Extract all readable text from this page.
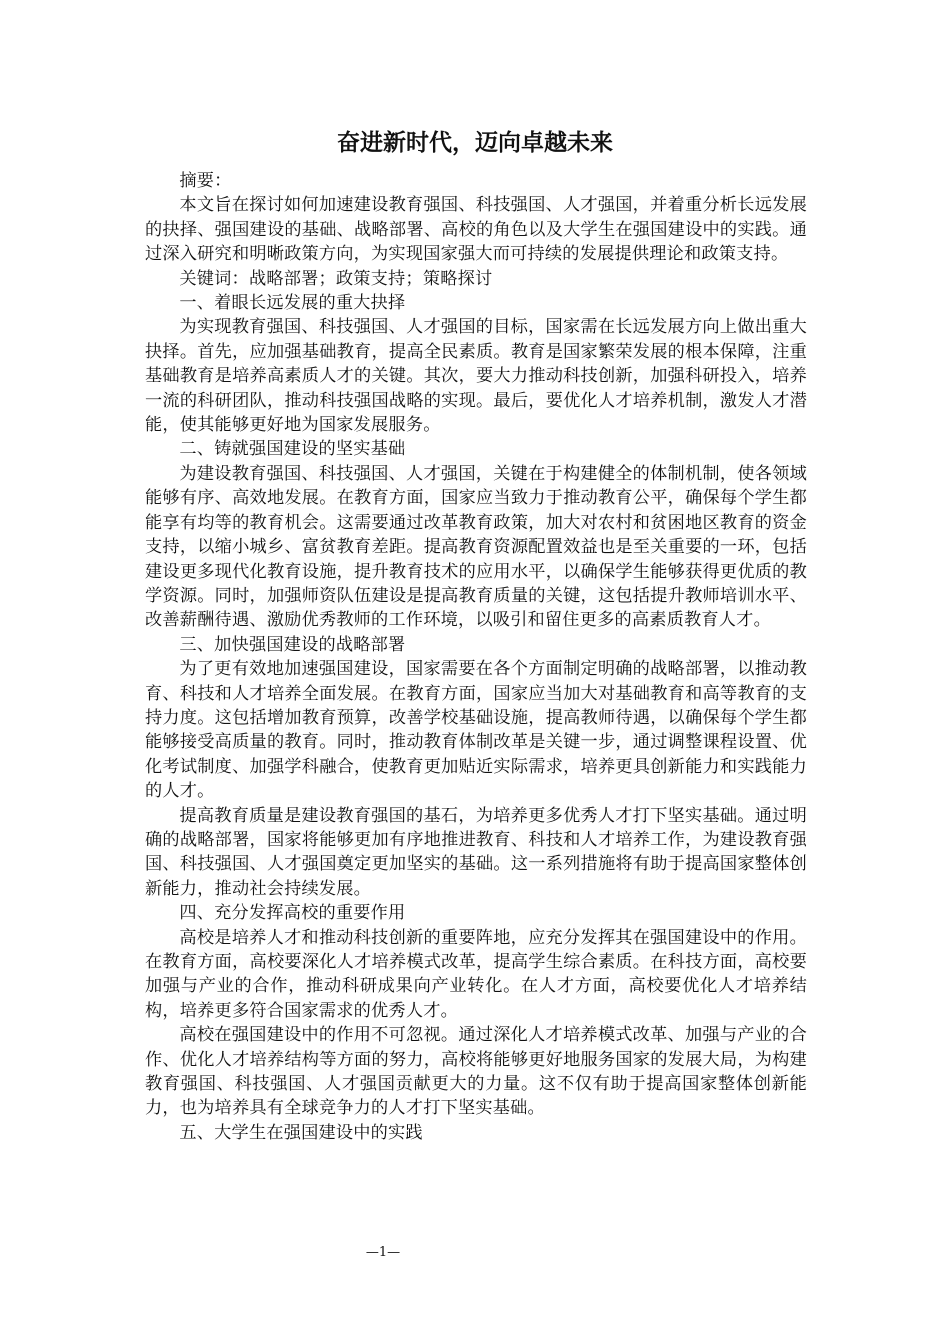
奋进新时代，迈向卓越未来

摘要：

本文旨在探讨如何加速建设教育强国、科技强国、人才强国，并着重分析长远发展的抉择、强国建设的基础、战略部署、高校的角色以及大学生在强国建设中的实践。通过深入研究和明晰政策方向，为实现国家强大而可持续的发展提供理论和政策支持。

关键词：战略部署；政策支持；策略探讨

一、着眼长远发展的重大抉择

为实现教育强国、科技强国、人才强国的目标，国家需在长远发展方向上做出重大抉择。首先，应加强基础教育，提高全民素质。教育是国家繁荣发展的根本保障，注重基础教育是培养高素质人才的关键。其次，要大力推动科技创新，加强科研投入，培养一流的科研团队，推动科技强国战略的实现。最后，要优化人才培养机制，激发人才潜能，使其能够更好地为国家发展服务。

二、铸就强国建设的坚实基础

为建设教育强国、科技强国、人才强国，关键在于构建健全的体制机制，使各领域能够有序、高效地发展。在教育方面，国家应当致力于推动教育公平，确保每个学生都能享有均等的教育机会。这需要通过改革教育政策，加大对农村和贫困地区教育的资金支持，以缩小城乡、富贫教育差距。提高教育资源配置效益也是至关重要的一环，包括建设更多现代化教育设施，提升教育技术的应用水平，以确保学生能够获得更优质的教学资源。同时，加强师资队伍建设是提高教育质量的关键，这包括提升教师培训水平、改善薪酬待遇、激励优秀教师的工作环境，以吸引和留住更多的高素质教育人才。

三、加快强国建设的战略部署

为了更有效地加速强国建设，国家需要在各个方面制定明确的战略部署，以推动教育、科技和人才培养全面发展。在教育方面，国家应当加大对基础教育和高等教育的支持力度。这包括增加教育预算，改善学校基础设施，提高教师待遇，以确保每个学生都能够接受高质量的教育。同时，推动教育体制改革是关键一步，通过调整课程设置、优化考试制度、加强学科融合，使教育更加贴近实际需求，培养更具创新能力和实践能力的人才。

提高教育质量是建设教育强国的基石，为培养更多优秀人才打下坚实基础。通过明确的战略部署，国家将能够更加有序地推进教育、科技和人才培养工作，为建设教育强国、科技强国、人才强国奠定更加坚实的基础。这一系列措施将有助于提高国家整体创新能力，推动社会持续发展。

四、充分发挥高校的重要作用

高校是培养人才和推动科技创新的重要阵地，应充分发挥其在强国建设中的作用。在教育方面，高校要深化人才培养模式改革，提高学生综合素质。在科技方面，高校要加强与产业的合作，推动科研成果向产业转化。在人才方面，高校要优化人才培养结构，培养更多符合国家需求的优秀人才。

高校在强国建设中的作用不可忽视。通过深化人才培养模式改革、加强与产业的合作、优化人才培养结构等方面的努力，高校将能够更好地服务国家的发展大局，为构建教育强国、科技强国、人才强国贡献更大的力量。这不仅有助于提高国家整体创新能力，也为培养具有全球竞争力的人才打下坚实基础。

五、大学生在强国建设中的实践

—1—
